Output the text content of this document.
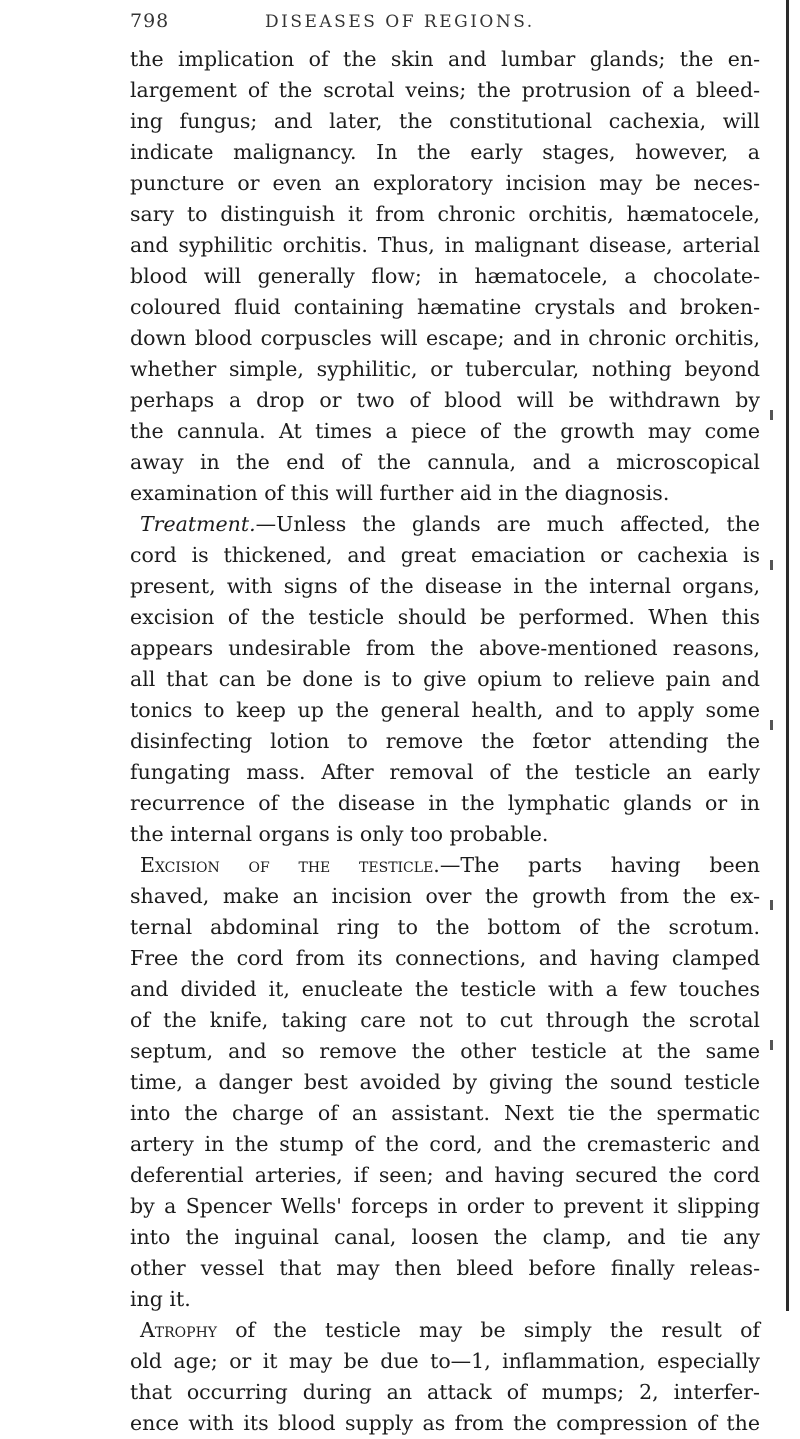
798	DISEASES OF REGIONS.
the implication of the skin and lumbar glands; the en-
largement of the scrotal veins; the protrusion of a bleed-
ing fungus; and later, the constitutional cachexia, will
indicate malignancy. In the early stages, however, a
puncture or even an exploratory incision may be neces-
sary to distinguish it from chronic orchitis, hæmatocele,
and syphilitic orchitis. Thus, in malignant disease, arterial
blood will generally flow; in hæmatocele, a chocolate-
coloured fluid containing hæmatine crystals and broken-
down blood corpuscles will escape; and in chronic orchitis,
whether simple, syphilitic, or tubercular, nothing beyond
perhaps a drop or two of blood will be withdrawn by
the cannula. At times a piece of the growth may come
away in the end of the cannula, and a microscopical
examination of this will further aid in the diagnosis.
Treatment.—Unless the glands are much affected, the
cord is thickened, and great emaciation or cachexia is
present, with signs of the disease in the internal organs,
excision of the testicle should be performed. When this
appears undesirable from the above-mentioned reasons,
all that can be done is to give opium to relieve pain and
tonics to keep up the general health, and to apply some
disinfecting lotion to remove the fœtor attending the
fungating mass. After removal of the testicle an early
recurrence of the disease in the lymphatic glands or in
the internal organs is only too probable.
Excision of the testicle.—The parts having been
shaved, make an incision over the growth from the ex-
ternal abdominal ring to the bottom of the scrotum.
Free the cord from its connections, and having clamped
and divided it, enucleate the testicle with a few touches
of the knife, taking care not to cut through the scrotal
septum, and so remove the other testicle at the same
time, a danger best avoided by giving the sound testicle
into the charge of an assistant. Next tie the spermatic
artery in the stump of the cord, and the cremasteric and
deferential arteries, if seen; and having secured the cord
by a Spencer Wells' forceps in order to prevent it slipping
into the inguinal canal, loosen the clamp, and tie any
other vessel that may then bleed before finally releas-
ing it.
Atrophy of the testicle may be simply the result of
old age; or it may be due to—1, inflammation, especially
that occurring during an attack of mumps; 2, interfer-
ence with its blood supply as from the compression of the
